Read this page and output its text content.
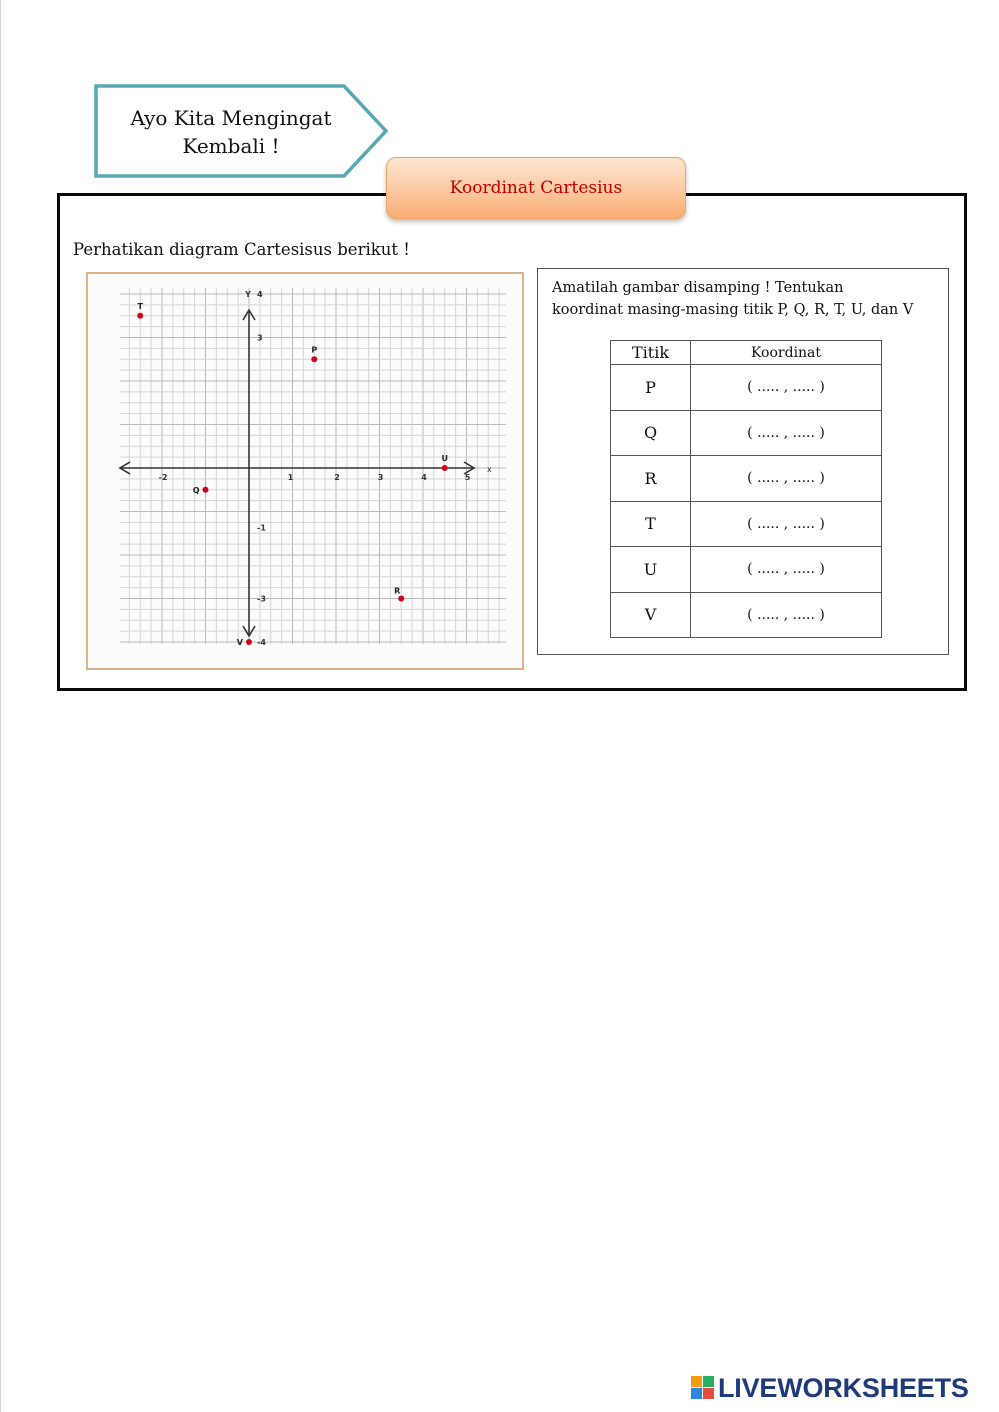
Ayo Kita Mengingat
Kembali !
Koordinat Cartesius
Perhatikan diagram Cartesisus berikut !
x
Y
-2	1	2	3	4	5
4
3
-1
-3
-4
T
P
Q
U
R
V
Amatilah gambar disamping ! Tentukan
koordinat masing-masing titik P, Q, R, T, U, dan V
Titik	Koordinat
P	( ..... , ..... )
Q	( ..... , ..... )
R	( ..... , ..... )
T	( ..... , ..... )
U	( ..... , ..... )
V	( ..... , ..... )
LIVEWORKSHEETS
